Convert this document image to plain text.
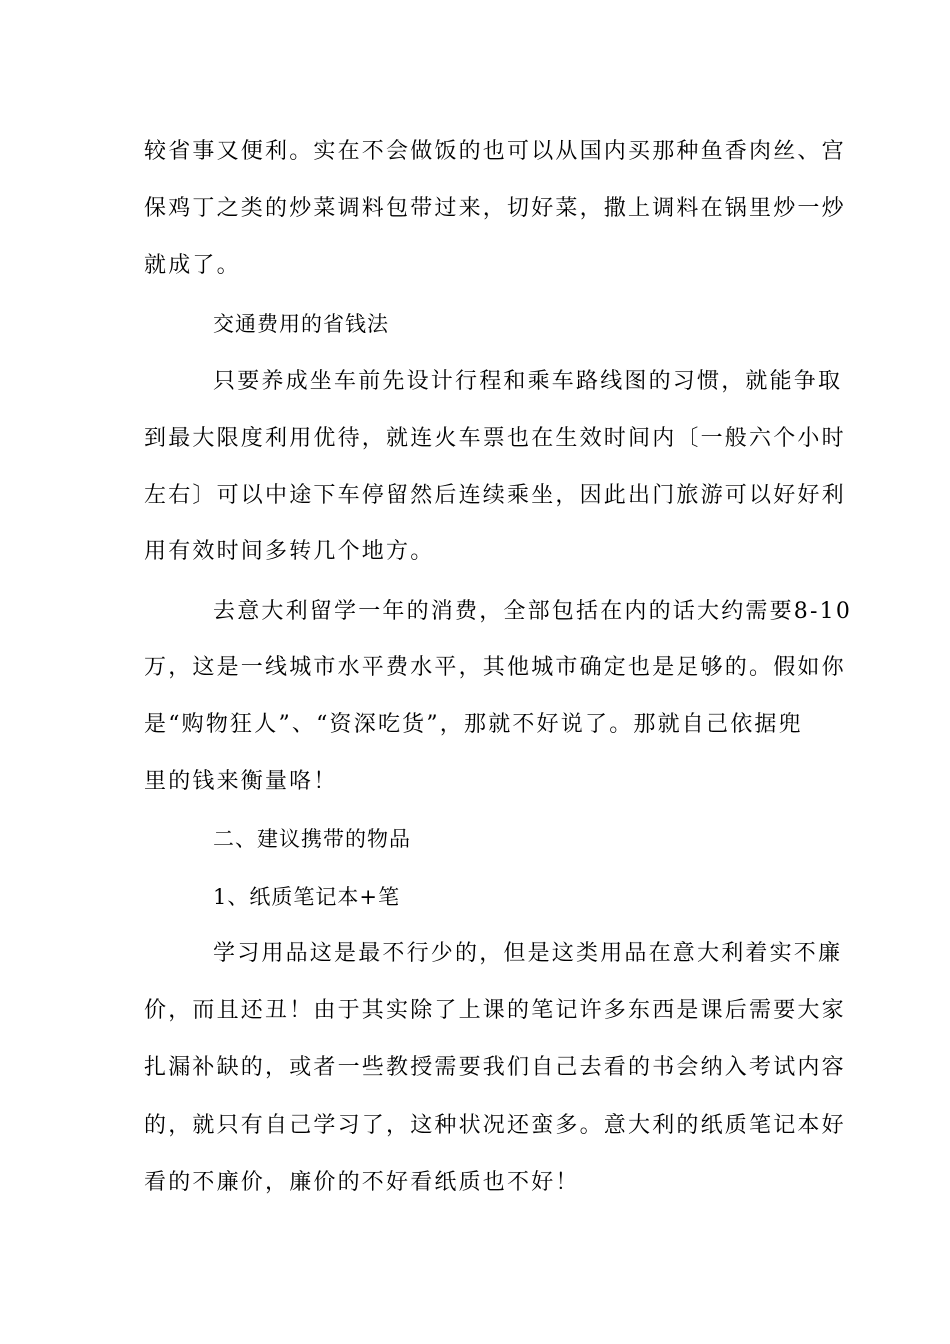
较省事又便利。实在不会做饭的也可以从国内买那种鱼香肉丝、宫
保鸡丁之类的炒菜调料包带过来，切好菜，撒上调料在锅里炒一炒
就成了。
交通费用的省钱法
只要养成坐车前先设计行程和乘车路线图的习惯，就能争取
到最大限度利用优待，就连火车票也在生效时间内〔一般六个小时
左右〕可以中途下车停留然后连续乘坐，因此出门旅游可以好好利
用有效时间多转几个地方。
去意大利留学一年的消费，全部包括在内的话大约需要8-10
万，这是一线城市水平费水平，其他城市确定也是足够的。假如你
是“购物狂人”、“资深吃货”，那就不好说了。那就自己依据兜
里的钱来衡量咯！
二、建议携带的物品
1、纸质笔记本+笔
学习用品这是最不行少的，但是这类用品在意大利着实不廉
价，而且还丑！由于其实除了上课的笔记许多东西是课后需要大家
扎漏补缺的，或者一些教授需要我们自己去看的书会纳入考试内容
的，就只有自己学习了，这种状况还蛮多。意大利的纸质笔记本好
看的不廉价，廉价的不好看纸质也不好！
